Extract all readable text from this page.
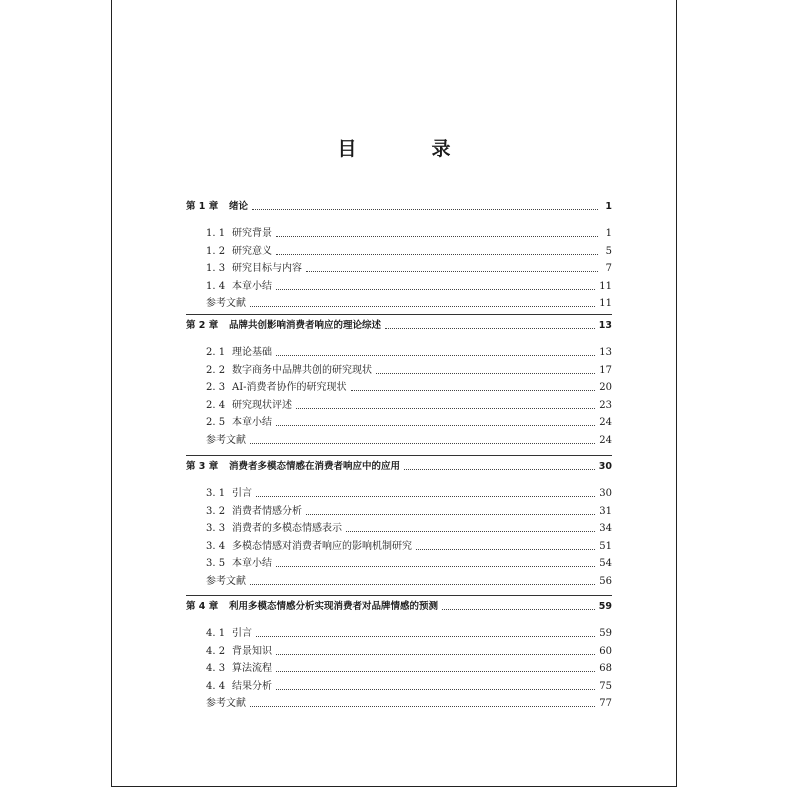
目　录
第 1 章	绪论	1
1. 1 研究背景	1
1. 2 研究意义	5
1. 3 研究目标与内容	7
1. 4 本章小结	11
参考文献	11
第 2 章	品牌共创影响消费者响应的理论综述	13
2. 1 理论基础	13
2. 2 数字商务中品牌共创的研究现状	17
2. 3 AI-消费者协作的研究现状	20
2. 4 研究现状评述	23
2. 5 本章小结	24
参考文献	24
第 3 章	消费者多模态情感在消费者响应中的应用	30
3. 1 引言	30
3. 2 消费者情感分析	31
3. 3 消费者的多模态情感表示	34
3. 4 多模态情感对消费者响应的影响机制研究	51
3. 5 本章小结	54
参考文献	56
第 4 章	利用多模态情感分析实现消费者对品牌情感的预测	59
4. 1 引言	59
4. 2 背景知识	60
4. 3 算法流程	68
4. 4 结果分析	75
参考文献	77
